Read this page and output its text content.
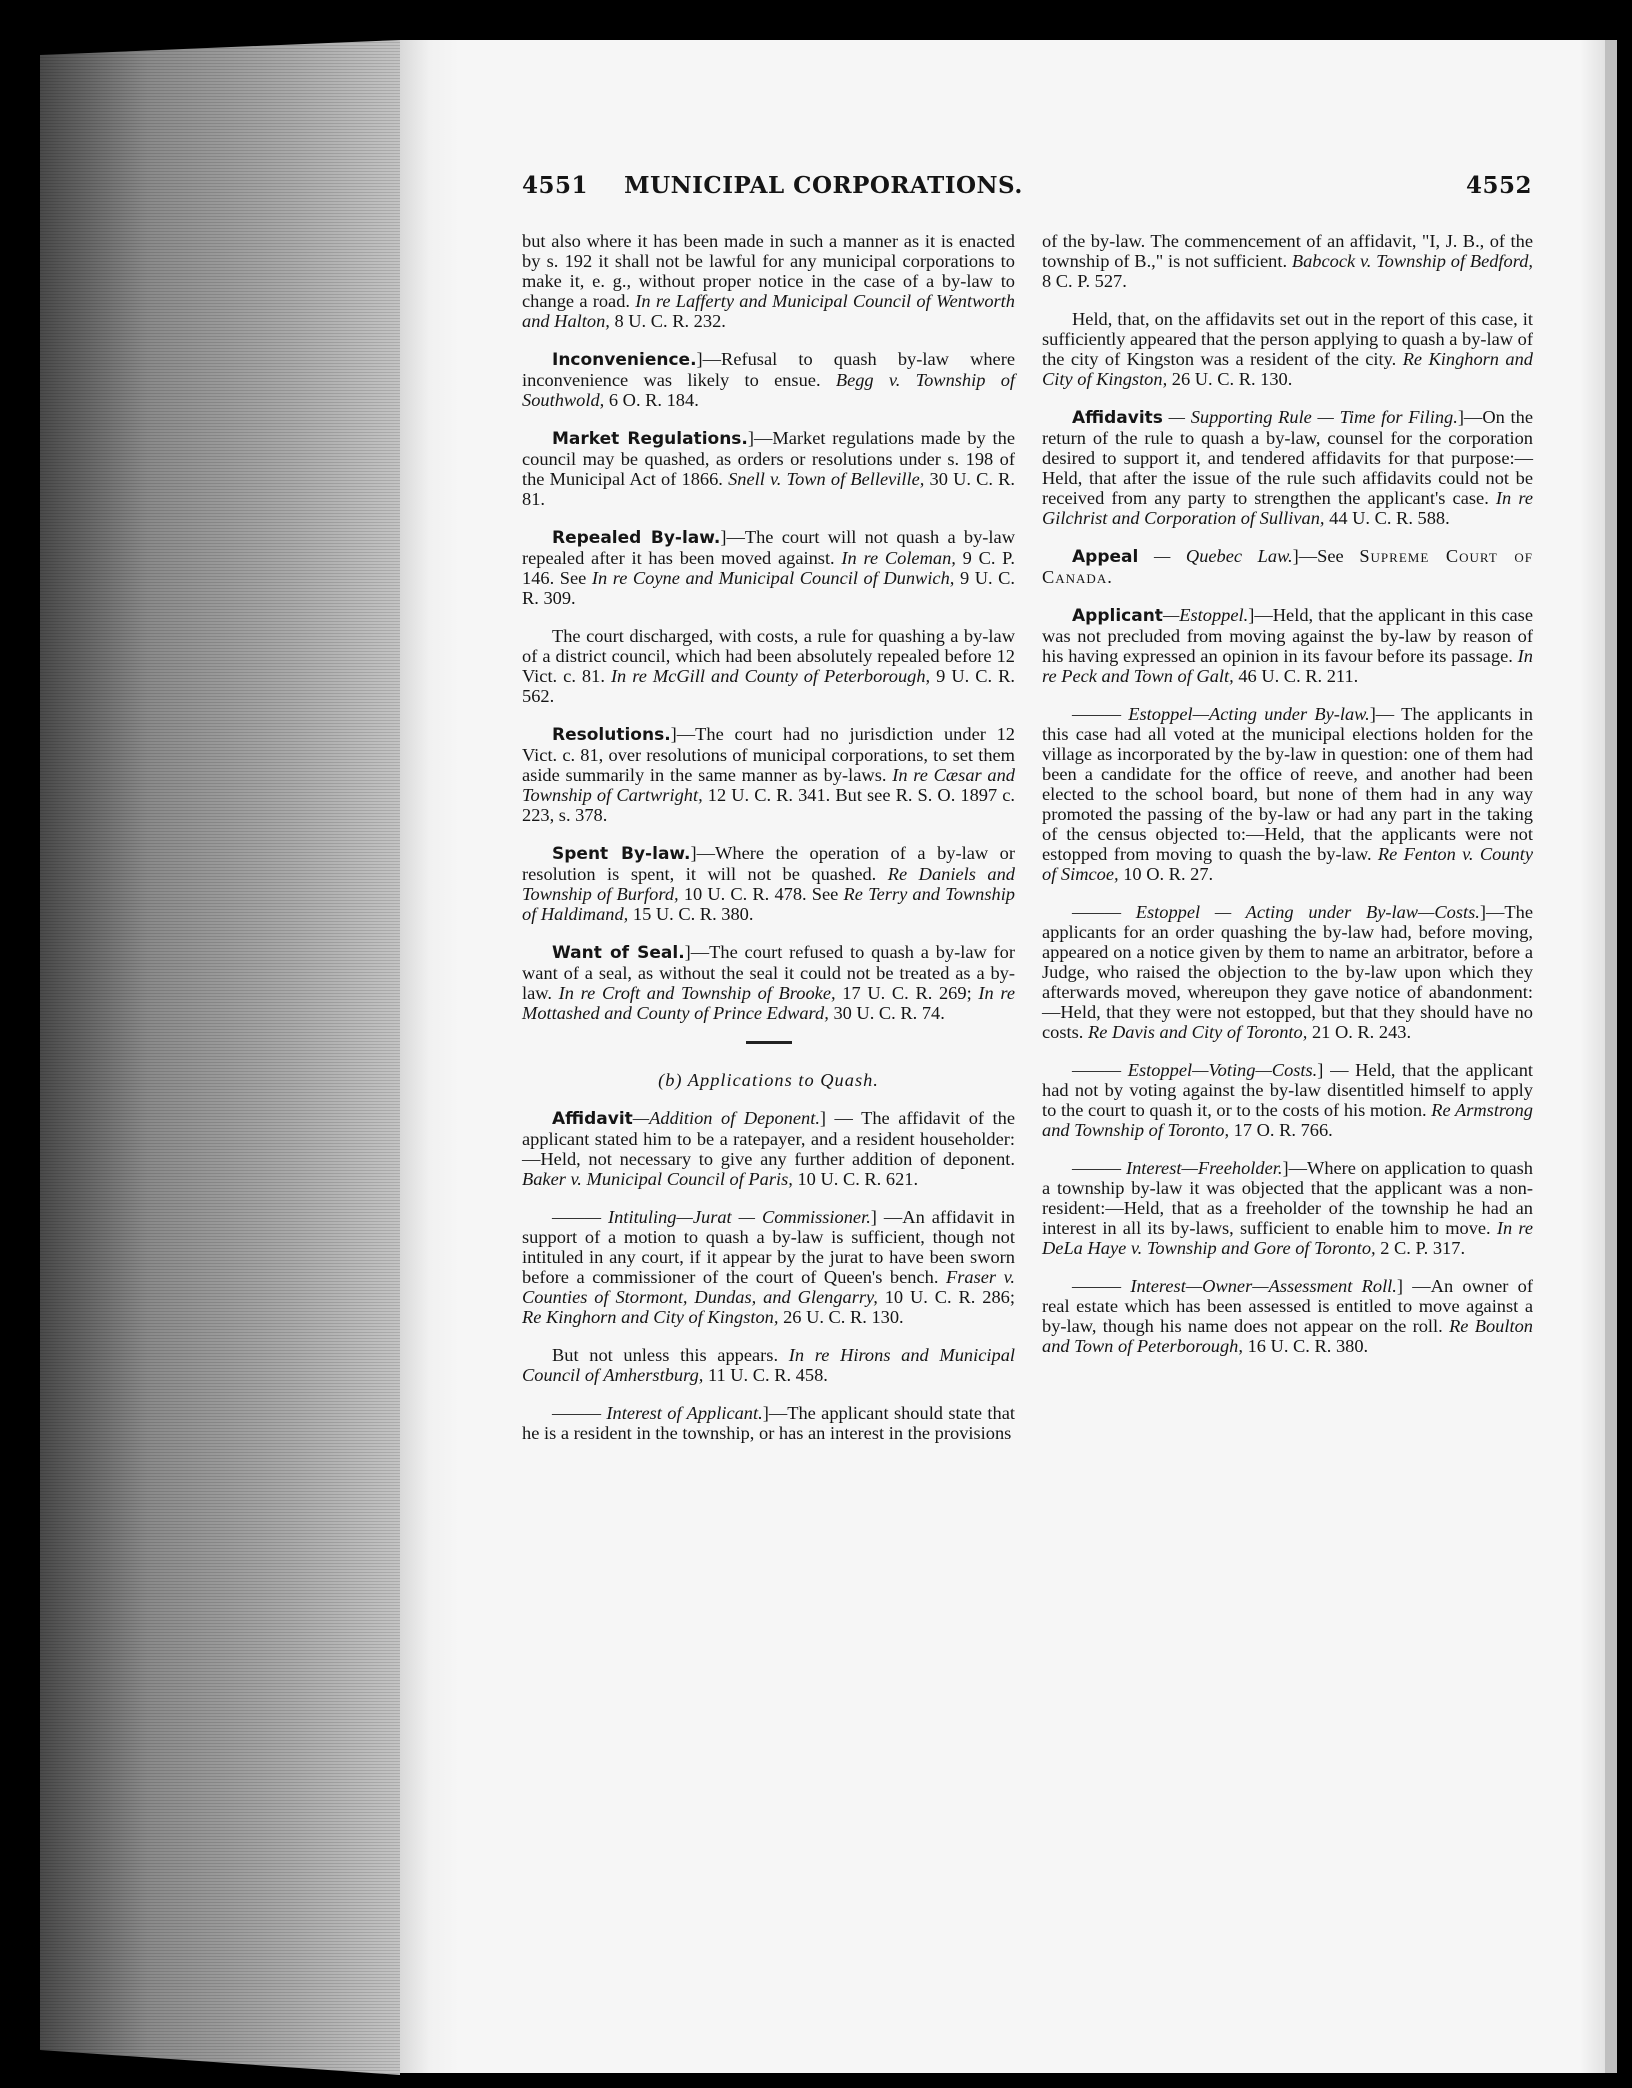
4551	MUNICIPAL CORPORATIONS.	4552

but also where it has been made in such a manner as it is enacted by s. 192 it shall not be lawful for any municipal corporations to make it, e. g., without proper notice in the case of a by-law to change a road. In re Lafferty and Municipal Council of Wentworth and Halton, 8 U. C. R. 232.

Inconvenience.]—Refusal to quash by-law where inconvenience was likely to ensue. Begg v. Township of Southwold, 6 O. R. 184.

Market Regulations.]—Market regulations made by the council may be quashed, as orders or resolutions under s. 198 of the Municipal Act of 1866. Snell v. Town of Belleville, 30 U. C. R. 81.

Repealed By-law.]—The court will not quash a by-law repealed after it has been moved against. In re Coleman, 9 C. P. 146. See In re Coyne and Municipal Council of Dunwich, 9 U. C. R. 309.

The court discharged, with costs, a rule for quashing a by-law of a district council, which had been absolutely repealed before 12 Vict. c. 81. In re McGill and County of Peterborough, 9 U. C. R. 562.

Resolutions.]—The court had no jurisdiction under 12 Vict. c. 81, over resolutions of municipal corporations, to set them aside summarily in the same manner as by-laws. In re Cæsar and Township of Cartwright, 12 U. C. R. 341. But see R. S. O. 1897 c. 223, s. 378.

Spent By-law.]—Where the operation of a by-law or resolution is spent, it will not be quashed. Re Daniels and Township of Burford, 10 U. C. R. 478. See Re Terry and Township of Haldimand, 15 U. C. R. 380.

Want of Seal.]—The court refused to quash a by-law for want of a seal, as without the seal it could not be treated as a by-law. In re Croft and Township of Brooke, 17 U. C. R. 269; In re Mottashed and County of Prince Edward, 30 U. C. R. 74.

(b) Applications to Quash.

Affidavit—Addition of Deponent.] — The affidavit of the applicant stated him to be a ratepayer, and a resident householder:—Held, not necessary to give any further addition of deponent. Baker v. Municipal Council of Paris, 10 U. C. R. 621.

——— Intituling—Jurat — Commissioner.] —An affidavit in support of a motion to quash a by-law is sufficient, though not intituled in any court, if it appear by the jurat to have been sworn before a commissioner of the court of Queen's bench. Fraser v. Counties of Stormont, Dundas, and Glengarry, 10 U. C. R. 286; Re Kinghorn and City of Kingston, 26 U. C. R. 130.

But not unless this appears. In re Hirons and Municipal Council of Amherstburg, 11 U. C. R. 458.

——— Interest of Applicant.]—The applicant should state that he is a resident in the township, or has an interest in the provisions

of the by-law. The commencement of an affidavit, "I, J. B., of the township of B.," is not sufficient. Babcock v. Township of Bedford, 8 C. P. 527.

Held, that, on the affidavits set out in the report of this case, it sufficiently appeared that the person applying to quash a by-law of the city of Kingston was a resident of the city. Re Kinghorn and City of Kingston, 26 U. C. R. 130.

Affidavits — Supporting Rule — Time for Filing.]—On the return of the rule to quash a by-law, counsel for the corporation desired to support it, and tendered affidavits for that purpose:—Held, that after the issue of the rule such affidavits could not be received from any party to strengthen the applicant's case. In re Gilchrist and Corporation of Sullivan, 44 U. C. R. 588.

Appeal — Quebec Law.]—See Supreme Court of Canada.

Applicant—Estoppel.]—Held, that the applicant in this case was not precluded from moving against the by-law by reason of his having expressed an opinion in its favour before its passage. In re Peck and Town of Galt, 46 U. C. R. 211.

——— Estoppel—Acting under By-law.]— The applicants in this case had all voted at the municipal elections holden for the village as incorporated by the by-law in question: one of them had been a candidate for the office of reeve, and another had been elected to the school board, but none of them had in any way promoted the passing of the by-law or had any part in the taking of the census objected to:—Held, that the applicants were not estopped from moving to quash the by-law. Re Fenton v. County of Simcoe, 10 O. R. 27.

——— Estoppel — Acting under By-law—Costs.]—The applicants for an order quashing the by-law had, before moving, appeared on a notice given by them to name an arbitrator, before a Judge, who raised the objection to the by-law upon which they afterwards moved, whereupon they gave notice of abandonment: —Held, that they were not estopped, but that they should have no costs. Re Davis and City of Toronto, 21 O. R. 243.

——— Estoppel—Voting—Costs.] — Held, that the applicant had not by voting against the by-law disentitled himself to apply to the court to quash it, or to the costs of his motion. Re Armstrong and Township of Toronto, 17 O. R. 766.

——— Interest—Freeholder.]—Where on application to quash a township by-law it was objected that the applicant was a non-resident:—Held, that as a freeholder of the township he had an interest in all its by-laws, sufficient to enable him to move. In re DeLa Haye v. Township and Gore of Toronto, 2 C. P. 317.

——— Interest—Owner—Assessment Roll.] —An owner of real estate which has been assessed is entitled to move against a by-law, though his name does not appear on the roll. Re Boulton and Town of Peterborough, 16 U. C. R. 380.
